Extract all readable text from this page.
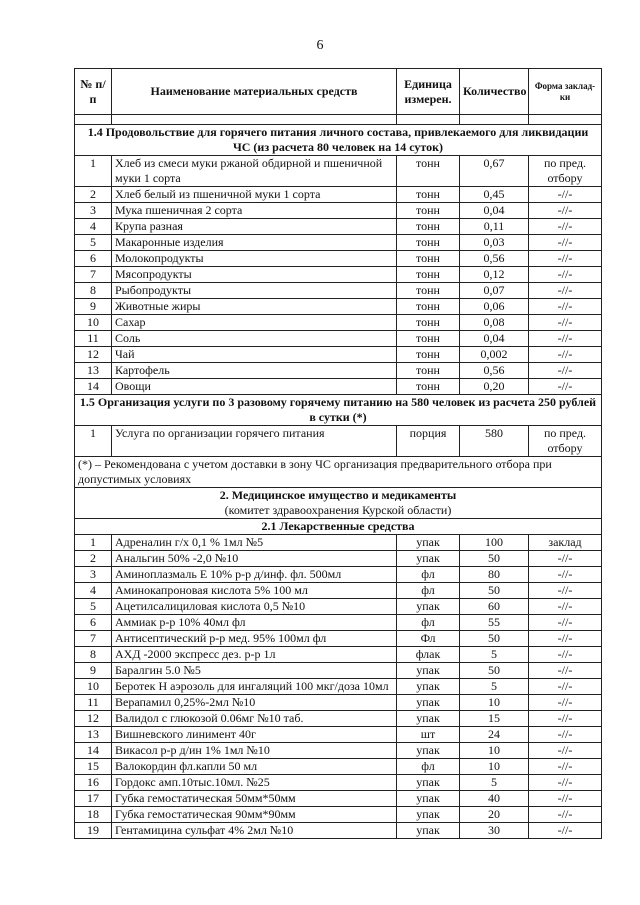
6
№ п/п	Наименование материальных средств	Единица измерен.	Количество	Форма заклад-ки

1.4 Продовольствие для горячего питания личного состава, привлекаемого для ликвидации ЧС (из расчета 80 человек на 14 суток)				
1	Хлеб из смеси муки ржаной обдирной и пшеничной муки 1 сорта	тонн	0,67	по пред. отбору
2	Хлеб белый из пшеничной муки 1 сорта	тонн	0,45	-//-
3	Мука пшеничная 2 сорта	тонн	0,04	-//-
4	Крупа разная	тонн	0,11	-//-
5	Макаронные изделия	тонн	0,03	-//-
6	Молокопродукты	тонн	0,56	-//-
7	Мясопродукты	тонн	0,12	-//-
8	Рыбопродукты	тонн	0,07	-//-
9	Животные жиры	тонн	0,06	-//-
10	Сахар	тонн	0,08	-//-
11	Соль	тонн	0,04	-//-
12	Чай	тонн	0,002	-//-
13	Картофель	тонн	0,56	-//-
14	Овощи	тонн	0,20	-//-
1.5 Организация услуги по 3 разовому горячему питанию на 580 человек из расчета 250 рублей в сутки (*)				
1	Услуга по организации горячего питания	порция	580	по пред. отбору
(*) – Рекомендована с учетом доставки в зону ЧС организация предварительного отбора при допустимых условиях				

2. Медицинское имущество и медикаменты
(комитет здравоохранения Курской области)				

2.1 Лекарственные средства				
1	Адреналин г/х 0,1 % 1мл №5	упак	100	заклад
2	Анальгин 50% -2,0 №10	упак	50	-//-
3	Аминоплазмаль Е 10% р-р д/инф. фл. 500мл	фл	80	-//-
4	Аминокапроновая кислота 5% 100 мл	фл	50	-//-
5	Ацетилсалициловая кислота 0,5 №10	упак	60	-//-
6	Аммиак р-р 10% 40мл фл	фл	55	-//-
7	Антисептический р-р мед. 95% 100мл фл	Фл	50	-//-
8	АХД -2000 экспресс дез. р-р 1л	флак	5	-//-
9	Баралгин 5.0 №5	упак	50	-//-
10	Беротек Н аэрозоль для ингаляций 100 мкг/доза 10мл	упак	5	-//-
11	Верапамил 0,25%-2мл №10	упак	10	-//-
12	Валидол с глюкозой 0.06мг №10 таб.	упак	15	-//-
13	Вишневского линимент 40г	шт	24	-//-
14	Викасол р-р д/ин 1% 1мл №10	упак	10	-//-
15	Валокордин фл.капли 50 мл	фл	10	-//-
16	Гордокс амп.10тыс.10мл. №25	упак	5	-//-
17	Губка гемостатическая 50мм*50мм	упак	40	-//-
18	Губка гемостатическая 90мм*90мм	упак	20	-//-
19	Гентамицина сульфат 4% 2мл №10	упак	30	-//-
